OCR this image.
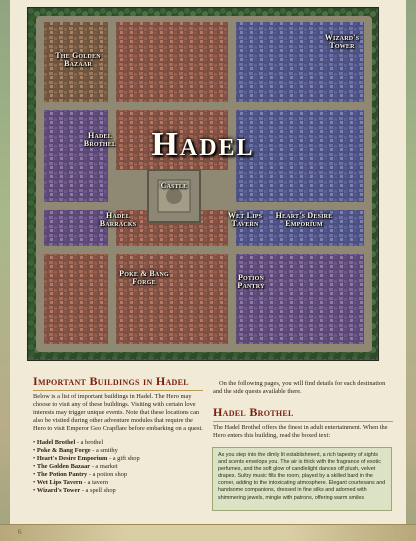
Hadel
The Golden Bazaar
Wizard's Tower
Hadel Brothel
Castle
Hadel Barracks
Wet Lips Tavern
Heart's Desire Emporium
Poke & Bang Forge	Potion Pantry
Important Buildings in Hadel

Below is a list of important buildings in Hadel. The Hero may choose to visit any of these buildings. Visiting with certain love interests may trigger unique events. Note that these locations can also be visited during other adventure modules that require the Hero to visit Emperor Geo Crapflare before embarking on a quest.

• Hadel Brothel - a brothel
• Poke & Bang Forge - a smithy
• Heart's Desire Emporium - a gift shop
• The Golden Bazaar - a market
• The Potion Pantry - a potion shop
• Wet Lips Tavern - a tavern
• Wizard's Tower - a spell shop

On the following pages, you will find details for each destination and the side quests available there.

Hadel Brothel

The Hadel Brothel offers the finest in adult entertainment. When the Hero enters this building, read the boxed text:

As you step into the dimly lit establishment, a rich tapestry of sights and scents envelops you. The air is thick with the fragrance of exotic perfumes, and the soft glow of candlelight dances off plush, velvet drapes. Sultry music fills the room, played by a skilled bard in the corner, adding to the intoxicating atmosphere. Elegant courtesans and handsome companions, dressed in fine silks and adorned with shimmering jewels, mingle with patrons, offering warm smiles
6
